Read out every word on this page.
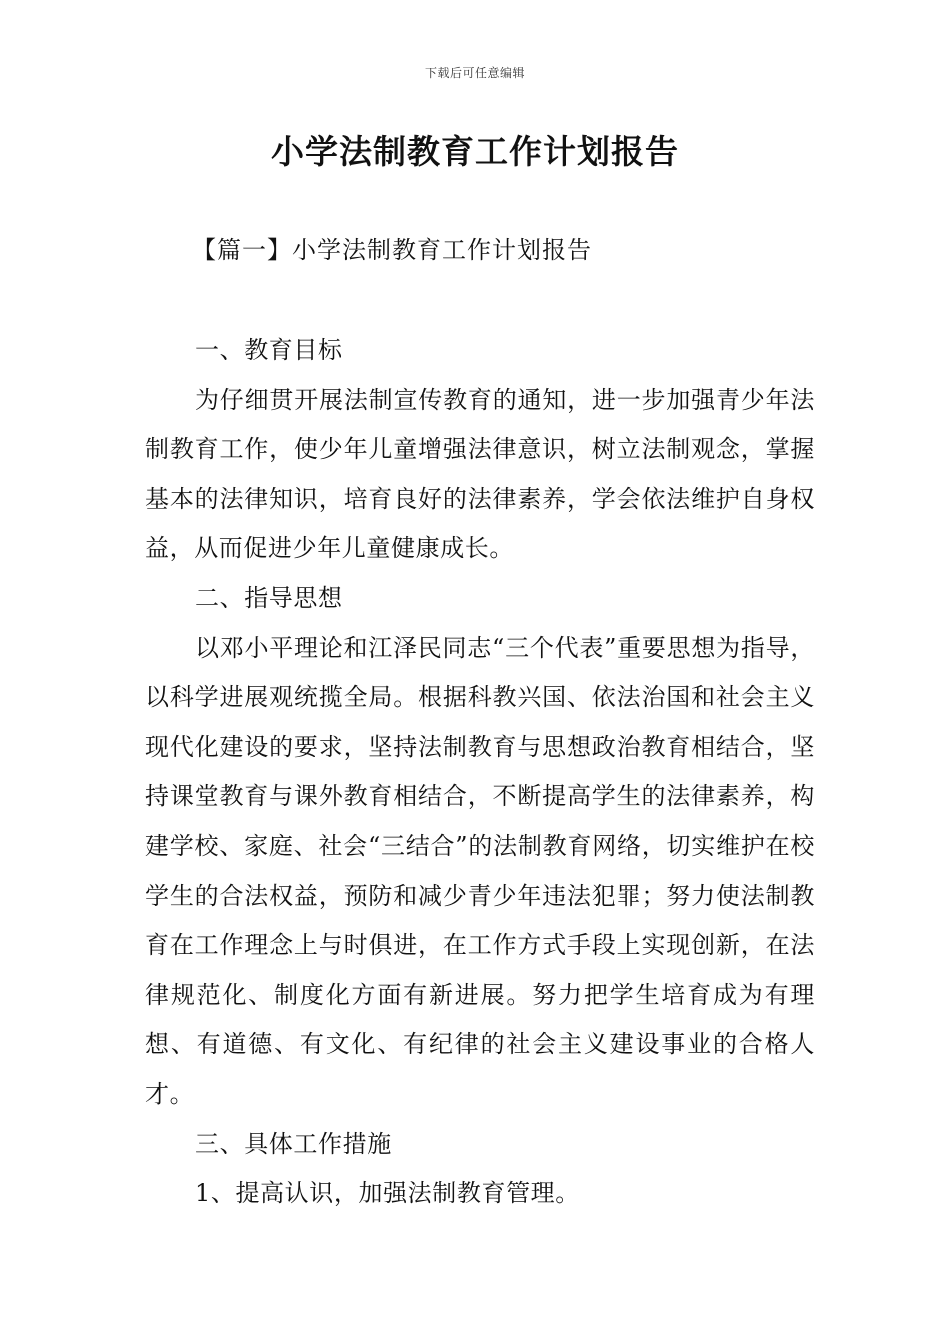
下载后可任意编辑
小学法制教育工作计划报告
【篇一】小学法制教育工作计划报告

一、教育目标

为仔细贯开展法制宣传教育的通知，进一步加强青少年法制教育工作，使少年儿童增强法律意识，树立法制观念，掌握基本的法律知识，培育良好的法律素养，学会依法维护自身权益，从而促进少年儿童健康成长。

二、指导思想

以邓小平理论和江泽民同志“三个代表”重要思想为指导，以科学进展观统揽全局。根据科教兴国、依法治国和社会主义现代化建设的要求，坚持法制教育与思想政治教育相结合，坚持课堂教育与课外教育相结合，不断提高学生的法律素养，构建学校、家庭、社会“三结合”的法制教育网络，切实维护在校学生的合法权益，预防和减少青少年违法犯罪；努力使法制教育在工作理念上与时俱进，在工作方式手段上实现创新，在法律规范化、制度化方面有新进展。努力把学生培育成为有理想、有道德、有文化、有纪律的社会主义建设事业的合格人才。

三、具体工作措施

1、提高认识，加强法制教育管理。
